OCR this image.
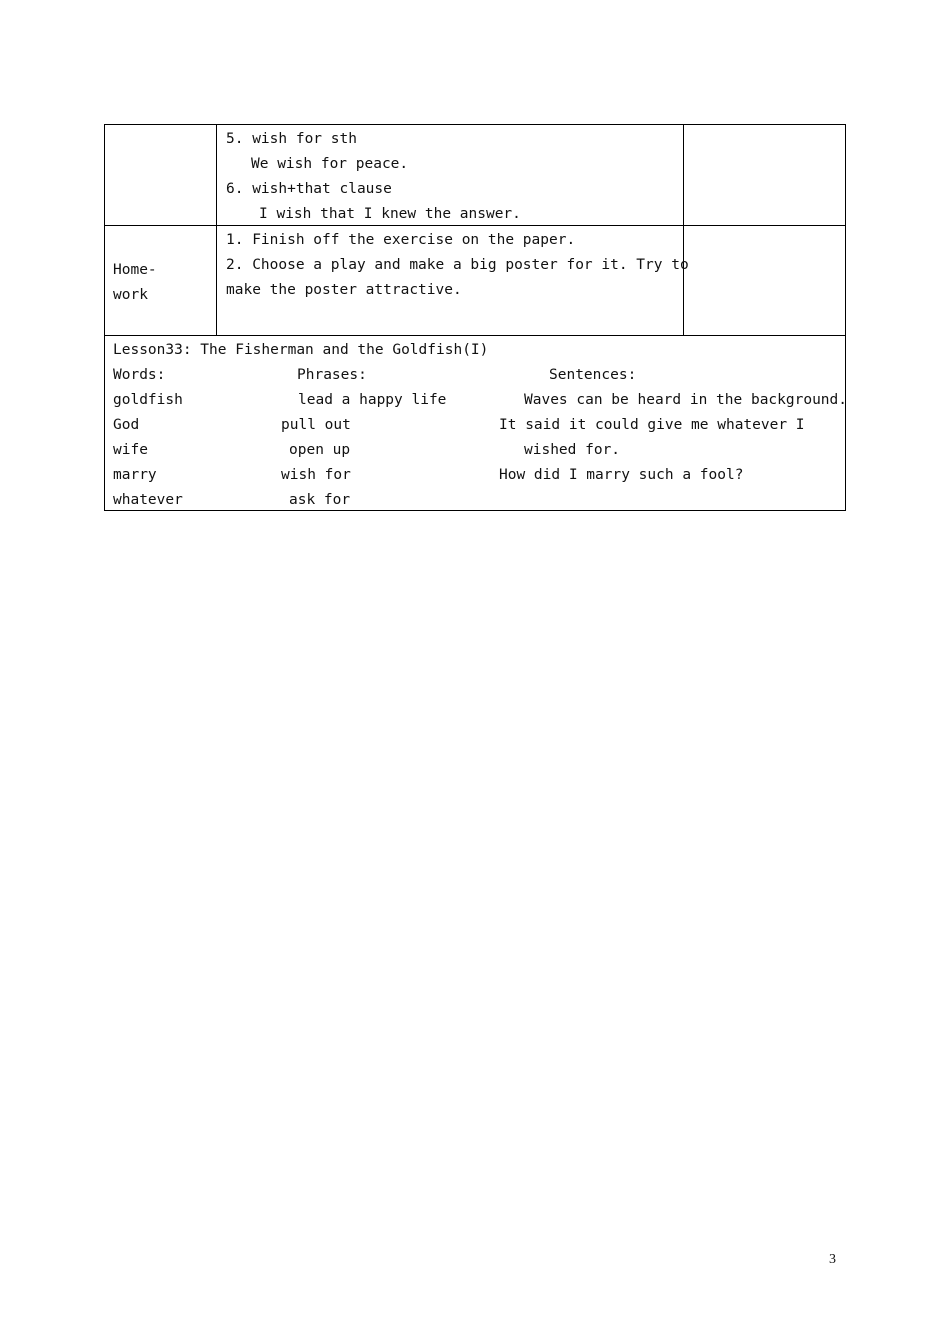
5. wish for sth
We wish for peace.
6. wish+that clause
I wish that I knew the answer.
Home-
work
1. Finish off the exercise on the paper.
2. Choose a play and make a big poster for it. Try to
make the poster attractive.
Lesson33: The Fisherman and the Goldfish(I)
Words:	Phrases:	Sentences:
goldfish
God
wife
marry
whatever
lead a happy life
pull out
open up
wish for
ask for
Waves can be heard in the background.
It said it could give me whatever I
wished for.
How did I marry such a fool?
3
